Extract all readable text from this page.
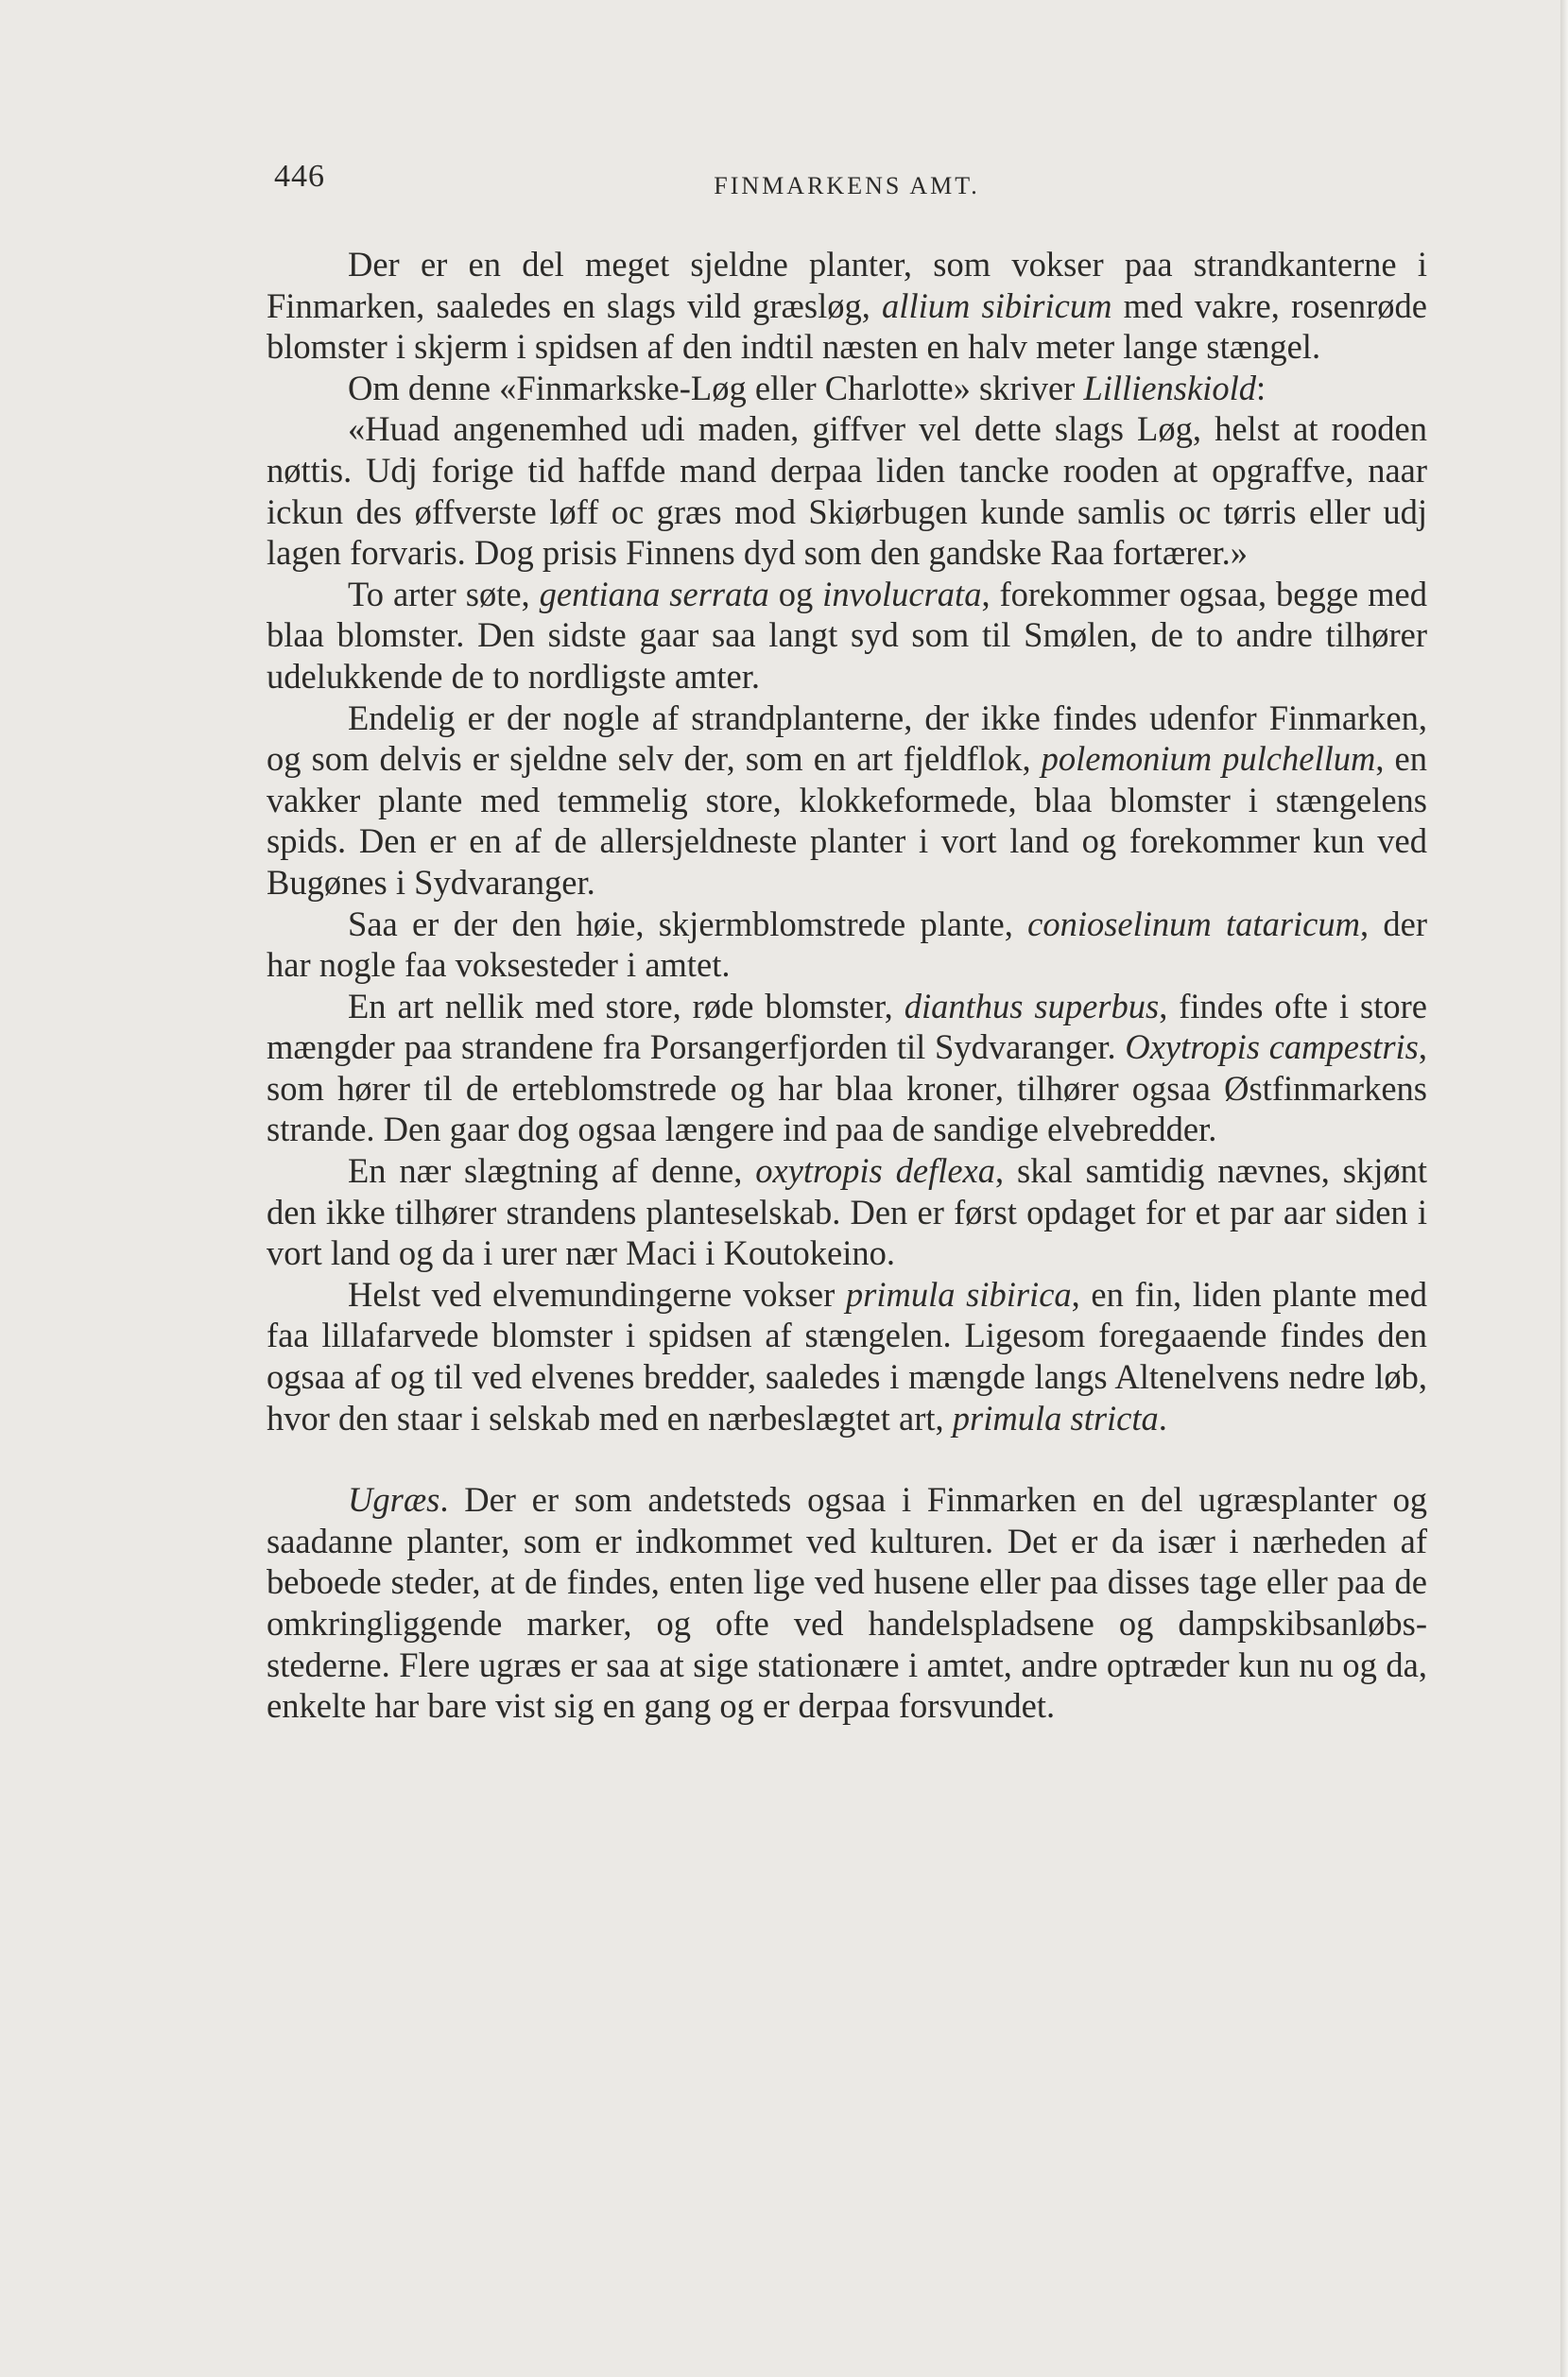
446	FINMARKENS AMT.

Der er en del meget sjeldne planter, som vokser paa strandkanterne i Finmarken, saaledes en slags vild græsløg, allium sibiricum med vakre, rosenrøde blomster i skjerm i spidsen af den indtil næsten en halv meter lange stængel.

Om denne «Finmarkske-Løg eller Charlotte» skriver Lillienskiold:

«Huad angenemhed udi maden, giffver vel dette slags Løg, helst at rooden nøttis. Udj forige tid haffde mand derpaa liden tancke rooden at opgraffve, naar ickun des øffverste løff oc græs mod Skiørbugen kunde samlis oc tørris eller udj lagen forvaris. Dog prisis Finnens dyd som den gandske Raa fortærer.»

To arter søte, gentiana serrata og involucrata, forekommer ogsaa, begge med blaa blomster. Den sidste gaar saa langt syd som til Smølen, de to andre tilhører udelukkende de to nordligste amter.

Endelig er der nogle af strandplanterne, der ikke findes udenfor Finmarken, og som delvis er sjeldne selv der, som en art fjeldflok, polemonium pulchellum, en vakker plante med temmelig store, klokkeformede, blaa blomster i stængelens spids. Den er en af de allersjeldneste planter i vort land og forekommer kun ved Bugønes i Sydvaranger.

Saa er der den høie, skjermblomstrede plante, conioselinum tataricum, der har nogle faa voksesteder i amtet.

En art nellik med store, røde blomster, dianthus superbus, findes ofte i store mængder paa strandene fra Porsangerfjorden til Sydvaranger. Oxytropis campestris, som hører til de erteblomstrede og har blaa kroner, tilhører ogsaa Østfinmarkens strande. Den gaar dog ogsaa længere ind paa de sandige elvebredder.

En nær slægtning af denne, oxytropis deflexa, skal samtidig nævnes, skjønt den ikke tilhører strandens planteselskab. Den er først opdaget for et par aar siden i vort land og da i urer nær Maci i Koutokeino.

Helst ved elvemundingerne vokser primula sibirica, en fin, liden plante med faa lillafarvede blomster i spidsen af stængelen. Ligesom foregaaende findes den ogsaa af og til ved elvenes bredder, saaledes i mængde langs Altenelvens nedre løb, hvor den staar i selskab med en nærbeslægtet art, primula stricta.

Ugræs. Der er som andetsteds ogsaa i Finmarken en del ugræsplanter og saadanne planter, som er indkommet ved kulturen. Det er da især i nærheden af beboede steder, at de findes, enten lige ved husene eller paa disses tage eller paa de omkringliggende marker, og ofte ved handelspladsene og dampskibsanløbsstederne. Flere ugræs er saa at sige stationære i amtet, andre optræder kun nu og da, enkelte har bare vist sig en gang og er derpaa forsvundet.
